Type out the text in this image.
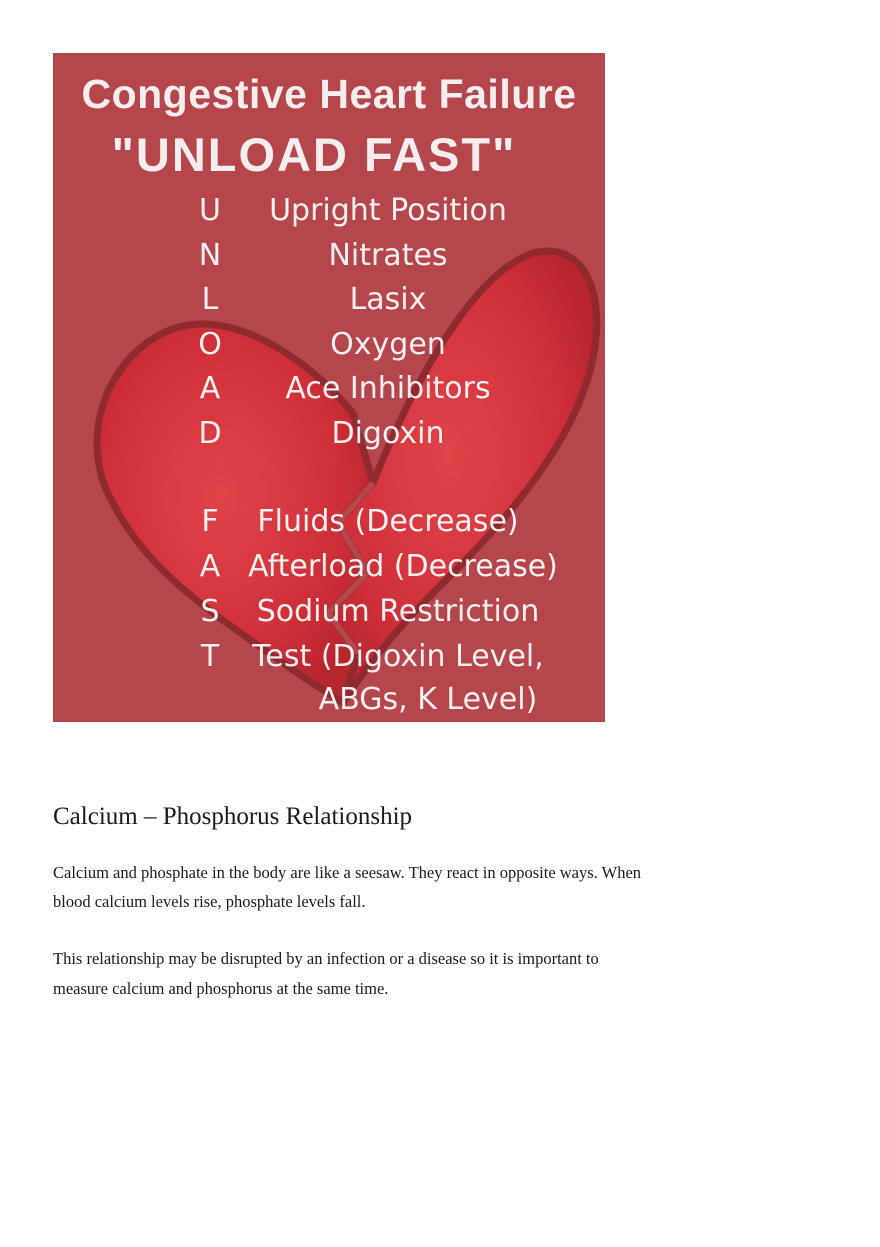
Congestive Heart Failure
"UNLOAD FAST"
U	Upright Position
N	Nitrates
L	Lasix
O	Oxygen
A	Ace Inhibitors
D	Digoxin
F	Fluids (Decrease)
A Afterload (Decrease)
S	Sodium Restriction
T	Test (Digoxin Level,
ABGs, K Level)
Calcium – Phosphorus Relationship

Calcium and phosphate in the body are like a seesaw. They react in opposite ways. When

blood calcium levels rise, phosphate levels fall.

This relationship may be disrupted by an infection or a disease so it is important to

measure calcium and phosphorus at the same time.
